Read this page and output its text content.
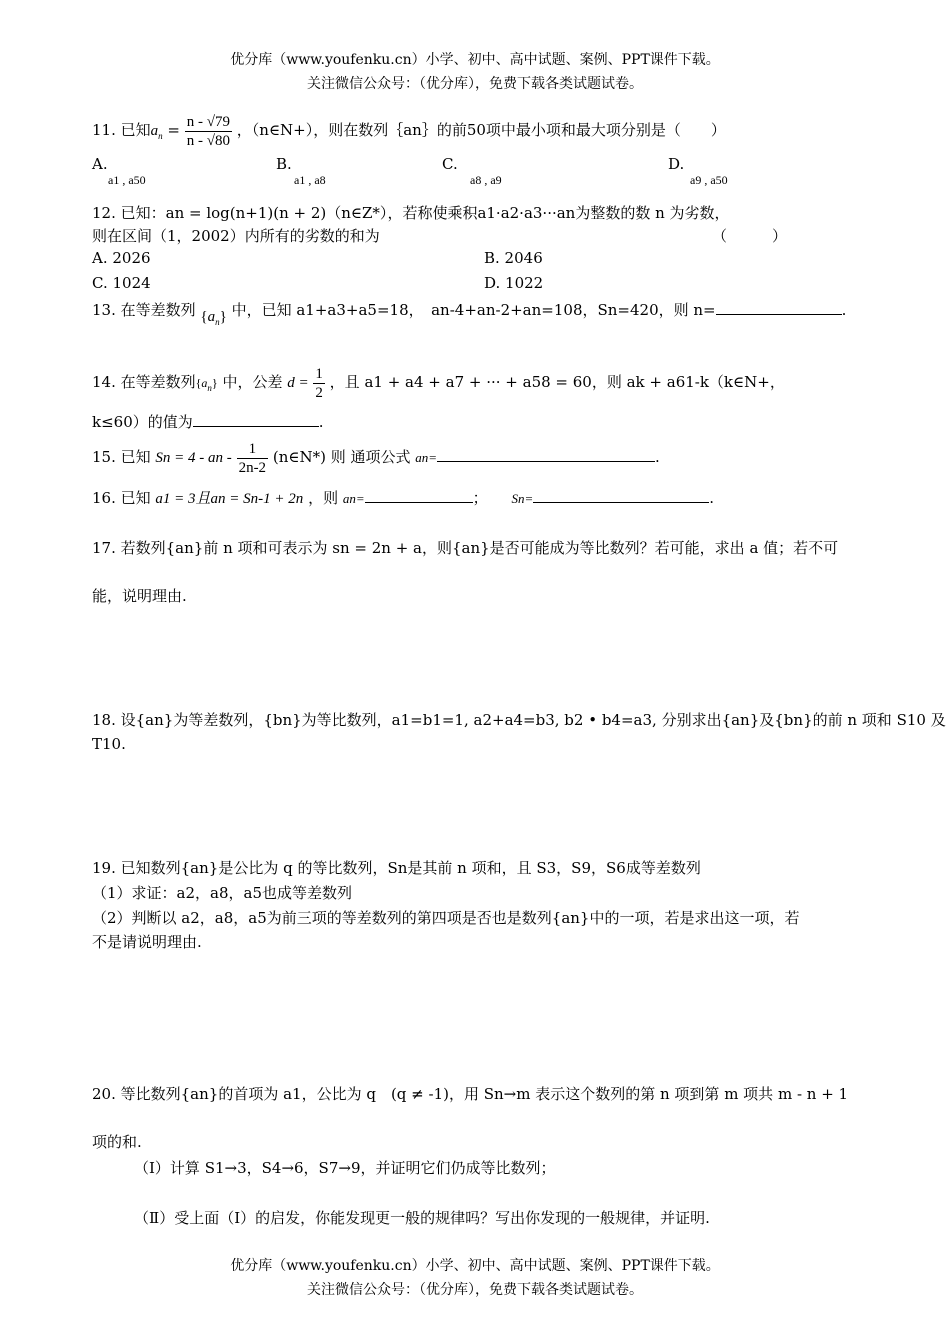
优分库（www.youfenku.cn）小学、初中、高中试题、案例、PPT课件下载。
关注微信公众号：（优分库），免费下载各类试题试卷。
11. 已知$a_n = \frac{n - √79}{n - √80}$ ，（n∈N+），则在数列｛an｝的前50项中最小项和最大项分别是（　　）
A.
a1 , a50
B.
a1 , a8
C.
a8 , a9
D.
a9 , a50
12. 已知：an = log(n+1)(n + 2)（n∈Z*），若称使乘积a1·a2·a3···an为整数的数 n 为劣数，
则在区间（1，2002）内所有的劣数的和为	（　　　）
A. 2026	B. 2046
C. 1024	D. 1022
13. 在等差数列 $\{a_n\}$ 中，已知 a1+a3+a5=18，　an-4+an-2+an=108，Sn=420，则 n=	.
14. 在等差数列$\{a_n\}$ 中，公差 $d = \frac{1}{2}$ ，且 a1 + a4 + a7 + ··· + a58 = 60，则 ak + a61-k（k∈N+，
k≤60）的值为	.
15. 已知 Sn = 4 - an - $\frac{1}{2n-2}$ (n∈N*) 则 通项公式 an=	.
16. 已知 a1 = 3且an = Sn-1 + 2n ，则 an=	； Sn=	.
17. 若数列{an}前 n 项和可表示为 sn = 2n + a，则{an}是否可能成为等比数列？若可能，求出 a 值；若不可
能，说明理由.
18. 设{an}为等差数列，{bn}为等比数列，a1=b1=1, a2+a4=b3, b2 • b4=a3, 分别求出{an}及{bn}的前 n 项和 S10 及
T10.
19. 已知数列{an}是公比为 q 的等比数列，Sn是其前 n 项和，且 S3，S9，S6成等差数列
（1）求证：a2，a8，a5也成等差数列
（2）判断以 a2，a8，a5为前三项的等差数列的第四项是否也是数列{an}中的一项，若是求出这一项，若
不是请说明理由.
20. 等比数列{an}的首项为 a1，公比为 q　(q ≠ -1)，用 Sn→m 表示这个数列的第 n 项到第 m 项共 m - n + 1
项的和.
（Ⅰ）计算 S1→3，S4→6，S7→9，并证明它们仍成等比数列；
（Ⅱ）受上面（Ⅰ）的启发，你能发现更一般的规律吗？写出你发现的一般规律，并证明.
优分库（www.youfenku.cn）小学、初中、高中试题、案例、PPT课件下载。
关注微信公众号：（优分库），免费下载各类试题试卷。
